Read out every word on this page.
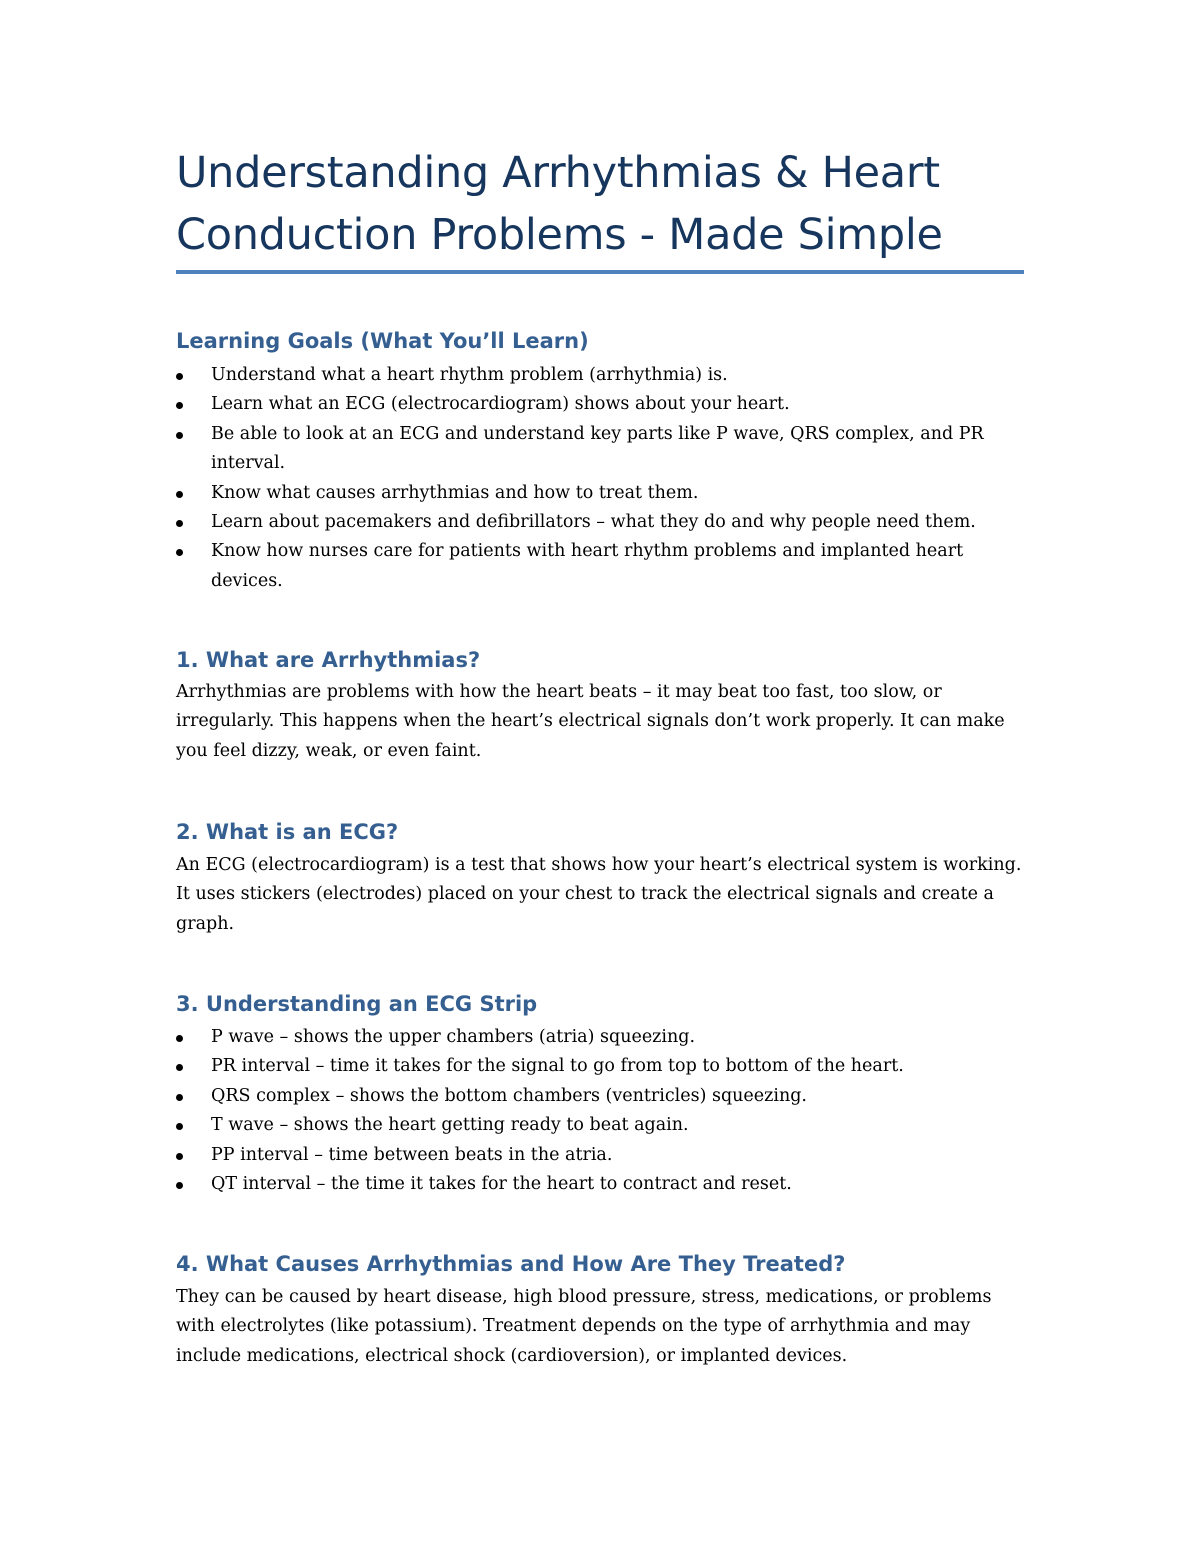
Understanding Arrhythmias & Heart Conduction Problems - Made Simple
Learning Goals (What You’ll Learn)
Understand what a heart rhythm problem (arrhythmia) is.
Learn what an ECG (electrocardiogram) shows about your heart.
Be able to look at an ECG and understand key parts like P wave, QRS complex, and PR interval.
Know what causes arrhythmias and how to treat them.
Learn about pacemakers and defibrillators – what they do and why people need them.
Know how nurses care for patients with heart rhythm problems and implanted heart devices.
1. What are Arrhythmias?

Arrhythmias are problems with how the heart beats – it may beat too fast, too slow, or irregularly. This happens when the heart’s electrical signals don’t work properly. It can make you feel dizzy, weak, or even faint.

2. What is an ECG?

An ECG (electrocardiogram) is a test that shows how your heart’s electrical system is working. It uses stickers (electrodes) placed on your chest to track the electrical signals and create a graph.

3. Understanding an ECG Strip
P wave – shows the upper chambers (atria) squeezing.
PR interval – time it takes for the signal to go from top to bottom of the heart.
QRS complex – shows the bottom chambers (ventricles) squeezing.
T wave – shows the heart getting ready to beat again.
PP interval – time between beats in the atria.
QT interval – the time it takes for the heart to contract and reset.
4. What Causes Arrhythmias and How Are They Treated?

They can be caused by heart disease, high blood pressure, stress, medications, or problems with electrolytes (like potassium). Treatment depends on the type of arrhythmia and may include medications, electrical shock (cardioversion), or implanted devices.
